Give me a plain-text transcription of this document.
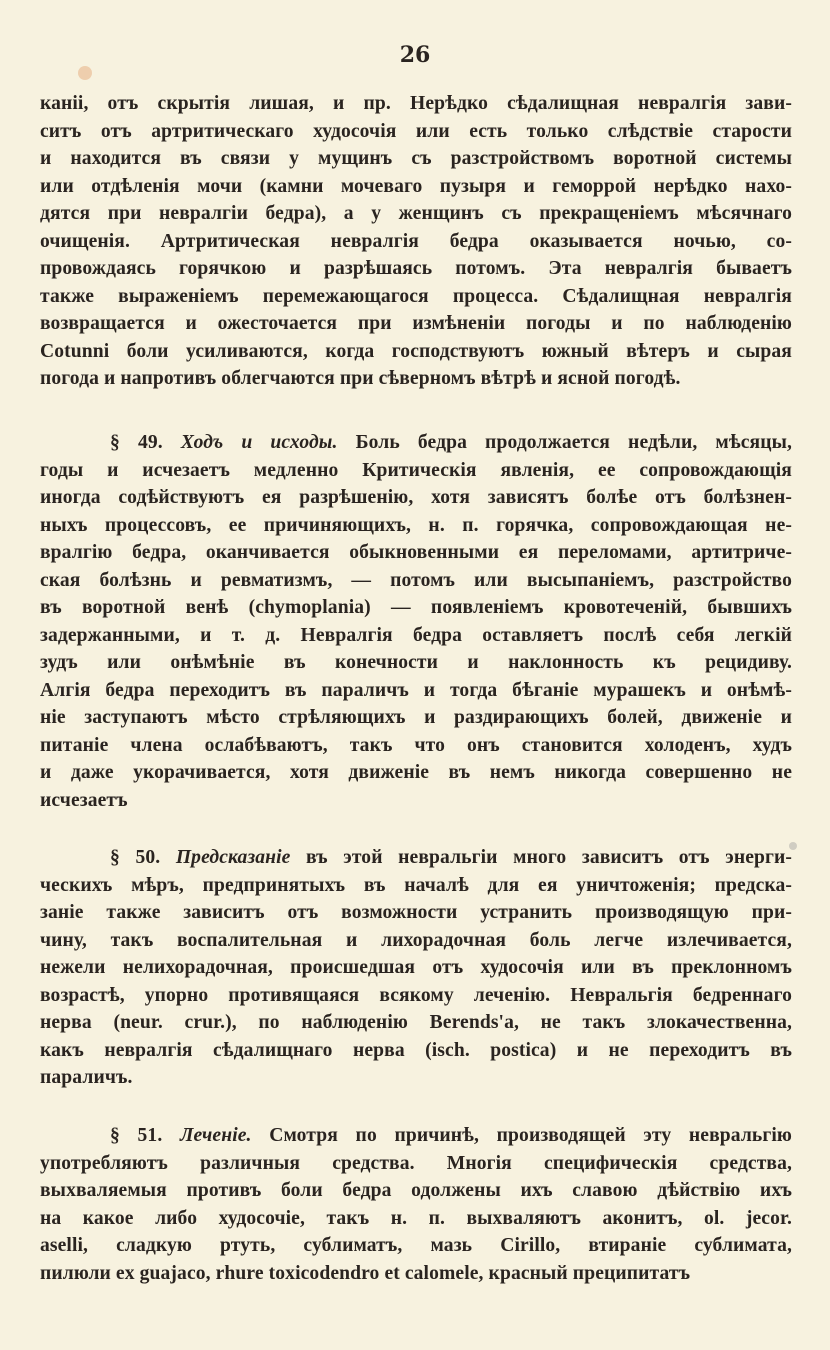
26
каніі, отъ скрытія лишая, и пр. Нерѣдко сѣдалищная невралгія зави-
ситъ отъ артритическаго худосочія или есть только слѣдствіе старости
и находится въ связи у мущинъ съ разстройствомъ воротной системы
или отдѣленія мочи (камни мочеваго пузыря и геморрой нерѣдко нахо-
дятся при невралгіи бедра), а у женщинъ съ прекращеніемъ мѣсячнаго
очищенія. Артритическая невралгія бедра оказывается ночью, со-
провождаясь горячкою и разрѣшаясь потомъ. Эта невралгія бываетъ
также выраженіемъ перемежающагося процесса. Сѣдалищная невралгія
возвращается и ожесточается при измѣненіи погоды и по наблюденію
Cotunni боли усиливаются, когда господствуютъ южный вѣтеръ и сырая
погода и напротивъ облегчаются при сѣверномъ вѣтрѣ и ясной погодѣ.
§ 49. Ходъ и исходы. Боль бедра продолжается недѣли, мѣсяцы,
годы и исчезаетъ медленно Критическія явленія, ее сопровождающія
иногда содѣйствуютъ ея разрѣшенію, хотя зависятъ болѣе отъ болѣзнен-
ныхъ процессовъ, ее причиняющихъ, н. п. горячка, сопровождающая не-
вралгію бедра, оканчивается обыкновенными ея переломами, артитриче-
ская болѣзнь и ревматизмъ, — потомъ или высыпаніемъ, разстройство
въ воротной венѣ (chymoplania) — появленіемъ кровотеченій, бывшихъ
задержанными, и т. д. Невралгія бедра оставляетъ послѣ себя легкій
зудъ или онѣмѣніе въ конечности и наклонность къ рецидиву.
Алгія бедра переходитъ въ параличъ и тогда бѣганіе мурашекъ и онѣмѣ-
ніе заступаютъ мѣсто стрѣляющихъ и раздирающихъ болей, движеніе и
питаніе члена ослабѣваютъ, такъ что онъ становится холоденъ, худъ
и даже укорачивается, хотя движеніе въ немъ никогда совершенно не
исчезаетъ
§ 50. Предсказаніе въ этой невральгіи много зависитъ отъ энерги-
ческихъ мѣръ, предпринятыхъ въ началѣ для ея уничтоженія; предска-
заніе также зависитъ отъ возможности устранить производящую при-
чину, такъ воспалительная и лихорадочная боль легче излечивается,
нежели нелихорадочная, происшедшая отъ худосочія или въ преклонномъ
возрастѣ, упорно противящаяся всякому леченію. Невральгія бедреннаго
нерва (neur. crur.), по наблюденію Berends'a, не такъ злокачественна,
какъ невралгія сѣдалищнаго нерва (isch. postica) и не переходитъ въ
параличъ.
§ 51. Леченіе. Смотря по причинѣ, производящей эту невральгію
употребляютъ различныя средства. Многія специфическія средства,
выхваляемыя противъ боли бедра одолжены ихъ славою дѣйствію ихъ
на какое либо худосочіе, такъ н. п. выхваляютъ аконитъ, ol. jecor.
aselli, сладкую ртуть, сублиматъ, мазь Cirillo, втираніе сублимата,
пилюли ex guajaco, rhure toxicodendro et calomele, красный преципитатъ
